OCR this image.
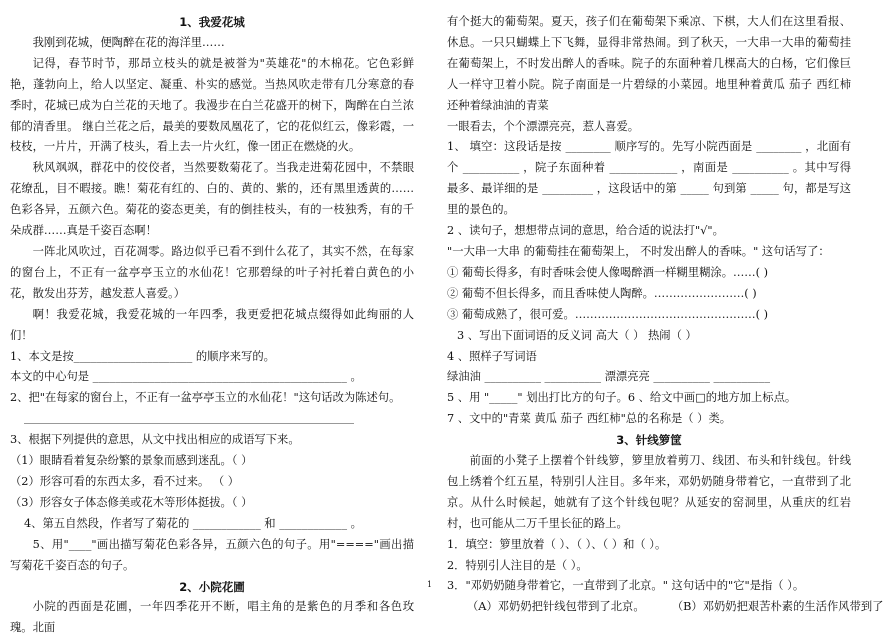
1、我爱花城
我刚到花城，便陶醉在花的海洋里……
记得，春节时节，那昂立枝头的就是被誉为"英雄花"的木棉花。它色彩鲜艳，蓬勃向上，给人以坚定、凝重、朴实的感觉。当热风吹走带有几分寒意的春季时，花城已成为白兰花的天地了。我漫步在白兰花盛开的树下，陶醉在白兰浓郁的清香里。 继白兰花之后，最美的要数凤凰花了，它的花似红云，像彩霞，一枝枝，一片片，开满了枝头，看上去一片火红，像一团正在燃烧的火。
秋风飒飒，群花中的佼佼者，当然要数菊花了。当我走进菊花园中，不禁眼花缭乱，目不暇接。瞧！菊花有红的、白的、黄的、紫的，还有黑里透黄的……色彩各异，五颜六色。菊花的姿态更美，有的倒挂枝头，有的一枝独秀，有的千朵成群……真是千姿百态啊！
一阵北风吹过，百花凋零。路边似乎已看不到什么花了，其实不然，在每家的窗台上，不正有一盆亭亭玉立的水仙花！它那碧绿的叶子衬托着白黄色的小花，散发出芬芳，越发惹人喜爱。）
啊！我爱花城，我爱花城的一年四季，我更爱把花城点缀得如此绚丽的人们！
1、本文是按_____________________ 的顺序来写的。
本文的中心句是 _____________________________________________ 。
2、把"在每家的窗台上，不正有一盆亭亭玉立的水仙花！"这句话改为陈述句。
3、根据下列提供的意思，从文中找出相应的成语写下来。
（1）眼睛看着复杂纷繁的景象而感到迷乱。（ ）
（2）形容可看的东西太多，看不过来。 （ ）
（3）形容女子体态修美或花木等形体挺拔。（ ）
4、第五自然段，作者写了菊花的 ____________ 和 ____________ 。
5、用"____"画出描写菊花色彩各异，五颜六色的句子。用"===="画出描写菊花千姿百态的句子。
2、小院花圃
小院的西面是花圃，一年四季花开不断，唱主角的是紫色的月季和各色玫瑰。北面
有个挺大的葡萄架。夏天，孩子们在葡萄架下乘凉、下棋，大人们在这里看报、休息。一只只蝴蝶上下飞舞，显得非常热闹。到了秋天，一大串一大串的葡萄挂在葡萄架上，不时发出醉人的香味。院子的东面种着几棵高大的白杨，它们像巨人一样守卫着小院。院子南面是一片碧绿的小菜园。地里种着黄瓜 茄子 西红柿 还种着绿油油的青菜
一眼看去，个个漂漂亮亮，惹人喜爱。
1、 填空：这段话是按 ________ 顺序写的。先写小院西面是 ________ ，北面有个 __________ ，院子东面种着 ____________ ，南面是 __________ 。其中写得最多、最详细的是 _________ ，这段话中的第 _____ 句到第 _____ 句，都是写这里的景色的。
2 、读句子，想想带点词的意思，给合适的说法打"√"。
"一大串一大串 的葡萄挂在葡萄架上， 不时发出醉人的香味。" 这句话写了：
① 葡萄长得多，有时香味会使人像喝醉酒一样糊里糊涂。……( )
② 葡萄不但长得多，而且香味使人陶醉。……………………( )
③ 葡萄成熟了，很可爱。…………………………………………( )
3 、写出下面词语的反义词 高大（ ） 热闹（ ）
4 、照样子写词语
绿油油 __________ __________ 漂漂亮亮 __________ __________
5 、用 "_____" 划出打比方的句子。6 、给文中画□的地方加上标点。
7 、文中的"青菜 黄瓜 茄子 西红柿"总的名称是（ ）类。
3、针线箩筐
前面的小凳子上摆着个针线箩，箩里放着剪刀、线团、布头和针线包。针线包上绣着个红五星，特别引人注目。多年来，邓奶奶随身带着它，一直带到了北京。从什么时候起，她就有了这个针线包呢？从延安的窑洞里，从重庆的红岩村，也可能从二万千里长征的路上。
1．填空：箩里放着（ ）、（ ）、（ ）和（ ）。
2．特别引人注目的是（ ）。
3．"邓奶奶随身带着它，一直带到了北京。" 这句话中的"它"是指（ ）。
（A）邓奶奶把针线包带到了北京。 （B）邓奶奶把艰苦朴素的生活作风带到了
1
